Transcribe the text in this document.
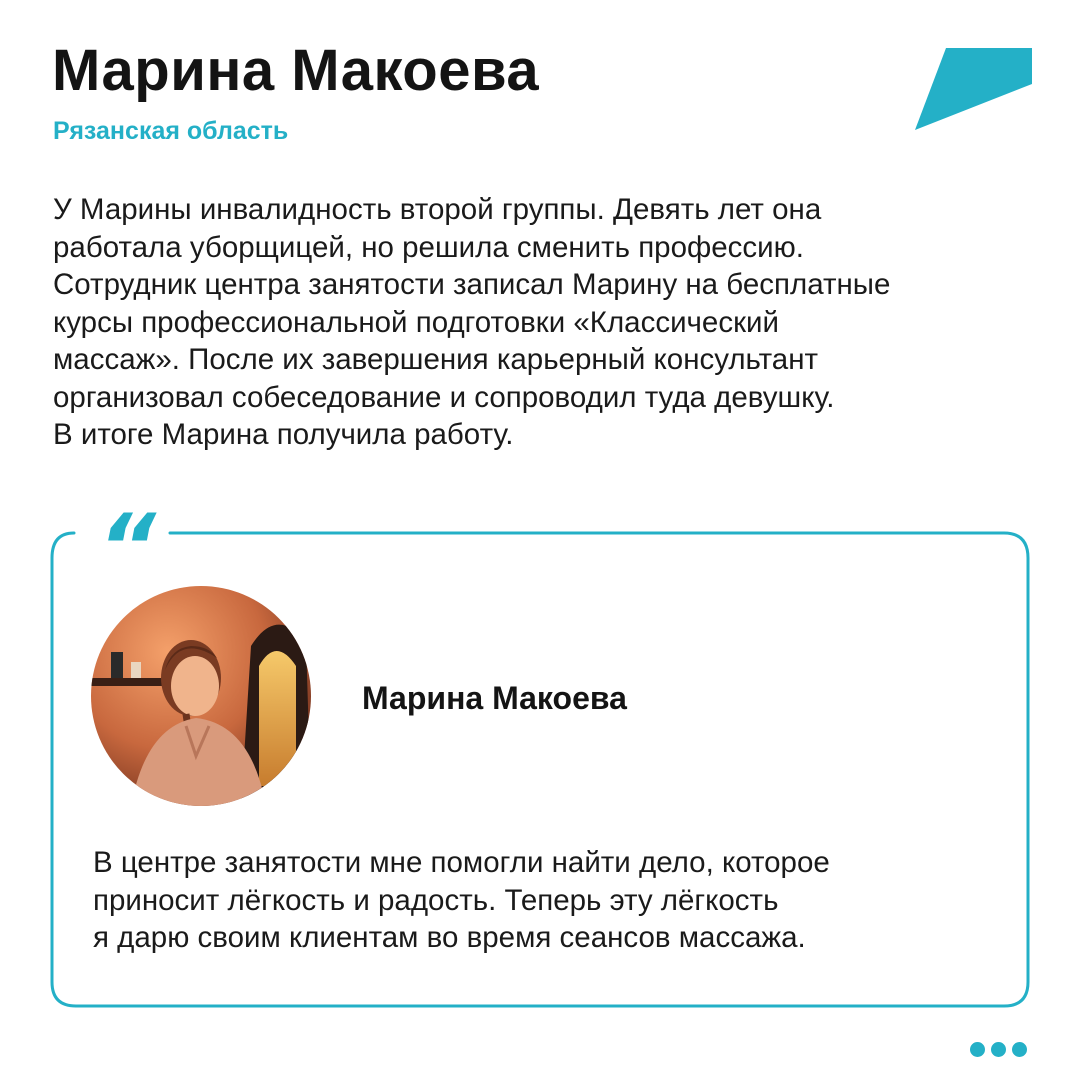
Марина Макоева
Рязанская область

У Марины инвалидность второй группы. Девять лет она
работала уборщицей, но решила сменить профессию.
Сотрудник центра занятости записал Марину на бесплатные
курсы профессиональной подготовки «Классический
массаж». После их завершения карьерный консультант
организовал собеседование и сопроводил туда девушку.
В итоге Марина получила работу.

“
Марина Макоева

В центре занятости мне помогли найти дело, которое
приносит лёгкость и радость. Теперь эту лёгкость
я дарю своим клиентам во время сеансов массажа.
